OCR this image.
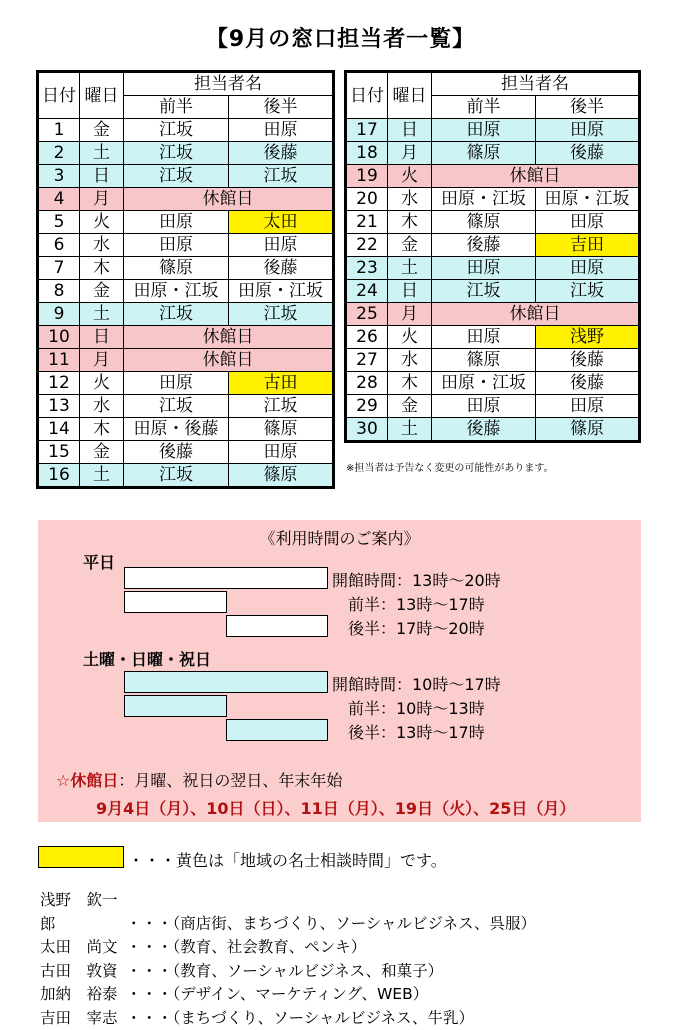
【9月の窓口担当者一覧】
日付	曜日	担当者名	
		前半	後半
1	金	江坂	田原
2	土	江坂	後藤
3	日	江坂	江坂
4	月	休館日	
5	火	田原	太田
6	水	田原	田原
7	木	篠原	後藤
8	金	田原・江坂	田原・江坂
9	土	江坂	江坂
10	日	休館日	
11	月	休館日	
12	火	田原	古田
13	水	江坂	江坂
14	木	田原・後藤	篠原
15	金	後藤	田原
16	土	江坂	篠原
日付	曜日	担当者名	
		前半	後半
17	日	田原	田原
18	月	篠原	後藤
19	火	休館日	
20	水	田原・江坂	田原・江坂
21	木	篠原	田原
22	金	後藤	吉田
23	土	田原	田原
24	日	江坂	江坂
25	月	休館日	
26	火	田原	浅野
27	水	篠原	後藤
28	木	田原・江坂	後藤
29	金	田原	田原
30	土	後藤	篠原
※担当者は予告なく変更の可能性があります。
《利用時間のご案内》
平日
開館時間：13時～20時
前半：13時～17時
後半：17時～20時
土曜・日曜・祝日
開館時間：10時～17時
前半：10時～13時
後半：13時～17時
☆休館日：月曜、祝日の翌日、年末年始
9月4日（月）、10日（日）、11日（月）、19日（火）、25日（月）
・・・黄色は「地域の名士相談時間」です。
浅野　欽一郎	・・・（商店街、まちづくり、ソーシャルビジネス、呉服）
太田　尚文 ・・・（教育、社会教育、ペンキ）
古田　敦資 ・・・（教育、ソーシャルビジネス、和菓子）
加納　裕泰 ・・・（デザイン、マーケティング、WEB）
吉田　宰志 ・・・（まちづくり、ソーシャルビジネス、牛乳）
